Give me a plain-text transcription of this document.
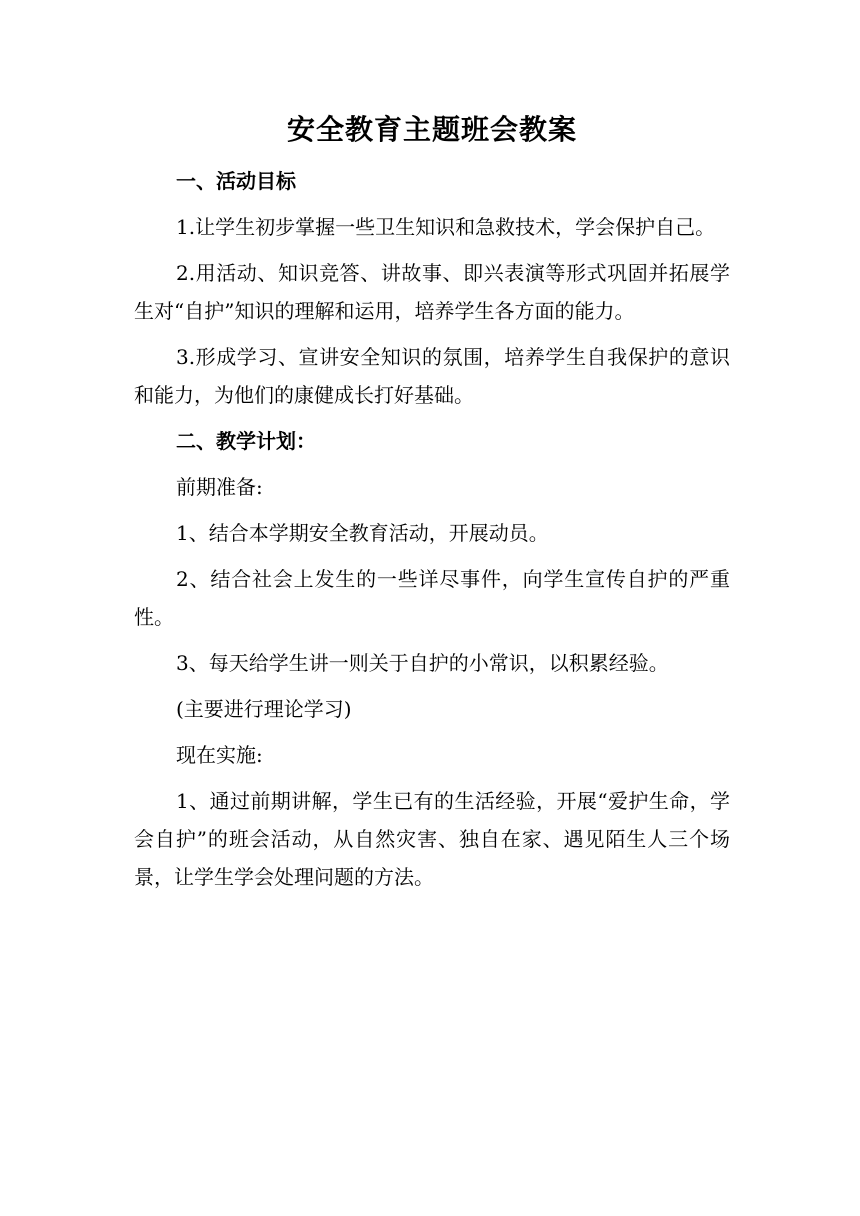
安全教育主题班会教案
一、活动目标

1.让学生初步掌握一些卫生知识和急救技术，学会保护自己。

2.用活动、知识竞答、讲故事、即兴表演等形式巩固并拓展学生对“自护”知识的理解和运用，培养学生各方面的能力。

3.形成学习、宣讲安全知识的氛围，培养学生自我保护的意识和能力，为他们的康健成长打好基础。

二、教学计划：

前期准备:

1、结合本学期安全教育活动，开展动员。

2、结合社会上发生的一些详尽事件，向学生宣传自护的严重性。

3、每天给学生讲一则关于自护的小常识，以积累经验。

(主要进行理论学习)

现在实施:

1、通过前期讲解，学生已有的生活经验，开展“爱护生命，学会自护”的班会活动，从自然灾害、独自在家、遇见陌生人三个场景，让学生学会处理问题的方法。
